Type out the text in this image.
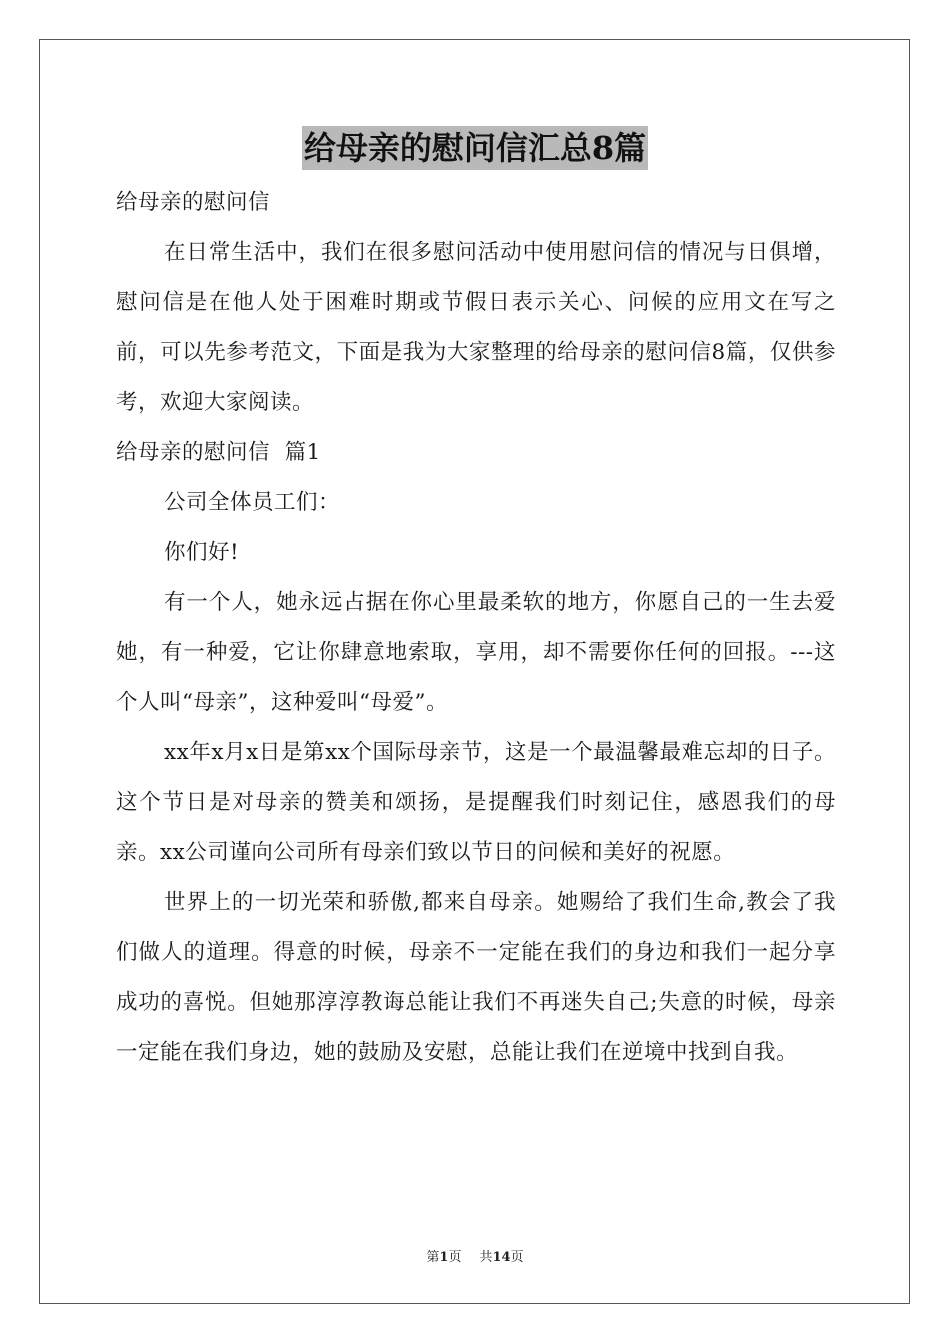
给母亲的慰问信汇总8篇

给母亲的慰问信

在日常生活中，我们在很多慰问活动中使用慰问信的情况与日俱增，慰问信是在他人处于困难时期或节假日表示关心、问候的应用文在写之前，可以先参考范文，下面是我为大家整理的给母亲的慰问信8篇，仅供参考，欢迎大家阅读。

给母亲的慰问信  篇1

公司全体员工们：

你们好!

有一个人，她永远占据在你心里最柔软的地方，你愿自己的一生去爱她，有一种爱，它让你肆意地索取，享用，却不需要你任何的回报。---这个人叫“母亲”，这种爱叫“母爱”。

xx年x月x日是第xx个国际母亲节，这是一个最温馨最难忘却的日子。这个节日是对母亲的赞美和颂扬，是提醒我们时刻记住，感恩我们的母亲。xx公司谨向公司所有母亲们致以节日的问候和美好的祝愿。

世界上的一切光荣和骄傲,都来自母亲。她赐给了我们生命,教会了我们做人的道理。得意的时候，母亲不一定能在我们的身边和我们一起分享成功的喜悦。但她那淳淳教诲总能让我们不再迷失自己;失意的时候，母亲一定能在我们身边，她的鼓励及安慰，总能让我们在逆境中找到自我。

第1页 共14页
